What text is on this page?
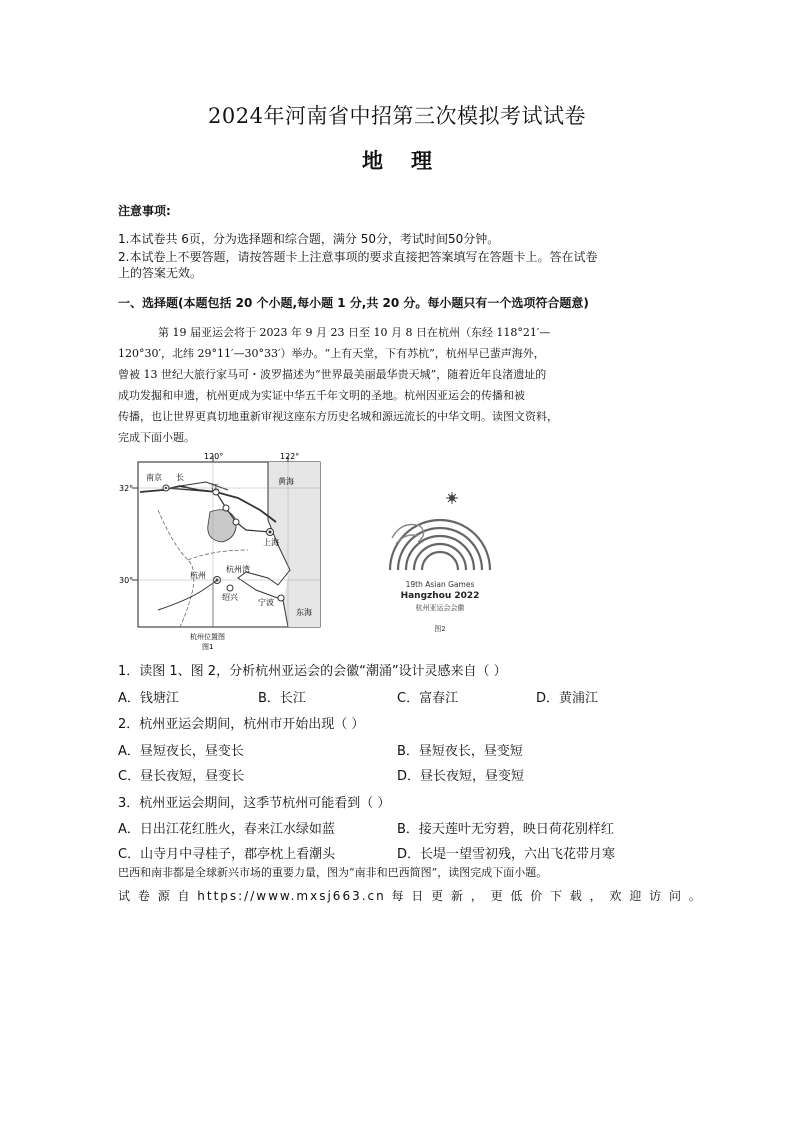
2024年河南省中招第三次模拟考试试卷
地 理
注意事项:
1.本试卷共 6页，分为选择题和综合题，满分 50分，考试时间50分钟。
2.本试卷上不要答题，请按答题卡上注意事项的要求直接把答案填写在答题卡上。答在试卷
上的答案无效。
一、选择题(本题包括 20 个小题,每小题 1 分,共 20 分。每小题只有一个选项符合题意)
第 19 届亚运会将于 2023 年 9 月 23 日至 10 月 8 日在杭州（东经 118°21′—
120°30′，北纬 29°11′—30°33′）举办。“上有天堂，下有苏杭”，杭州早已蜚声海外，
曾被 13 世纪大旅行家马可・波罗描述为“世界最美丽最华贵天城”，随着近年良渚遗址的
成功发掘和申遗，杭州更成为实证中华五千年文明的圣地。杭州因亚运会的传播和被
传播，也让世界更真切地重新审视这座东方历史名城和源远流长的中华文明。读图文资料，
完成下面小题。
120°	122°
32°
30°
南京 长
江
黄海
上海
杭州
杭州湾
绍兴
宁波
东海
杭州位置图
图1
19th Asian Games
Hangzhou 2022
杭州亚运会会徽
图2
1．读图 1、图 2，分析杭州亚运会的会徽“潮涌”设计灵感来自（ ）
A．钱塘江	B．长江	C．富春江	D．黄浦江
2．杭州亚运会期间，杭州市开始出现（ ）
A．昼短夜长，昼变长	B．昼短夜长，昼变短
C．昼长夜短，昼变长	D．昼长夜短，昼变短
3．杭州亚运会期间，这季节杭州可能看到（ ）
A．日出江花红胜火，春来江水绿如蓝	B．接天莲叶无穷碧，映日荷花别样红
C．山寺月中寻桂子，郡亭枕上看潮头	D．长堤一望雪初残，六出飞花带月寒
巴西和南非都是全球新兴市场的重要力量，图为“南非和巴西简图”，读图完成下面小题。
试 卷 源 自 https://www.mxsj663.cn 每 日 更 新 ， 更 低 价 下 载 ， 欢 迎 访 问 。
